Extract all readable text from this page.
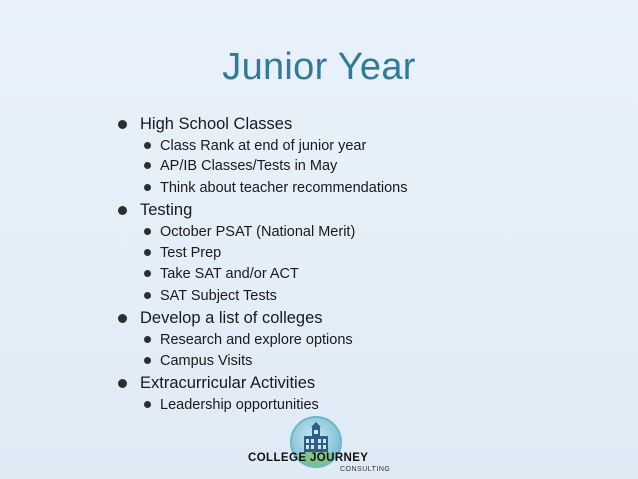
Junior Year
High School Classes
Class Rank at end of junior year
AP/IB Classes/Tests in May
Think about teacher recommendations
Testing
October PSAT (National Merit)
Test Prep
Take SAT and/or ACT
SAT Subject Tests
Develop a list of colleges
Research and explore options
Campus Visits
Extracurricular Activities
Leadership opportunities
COLLEGE JOURNEY
CONSULTING
